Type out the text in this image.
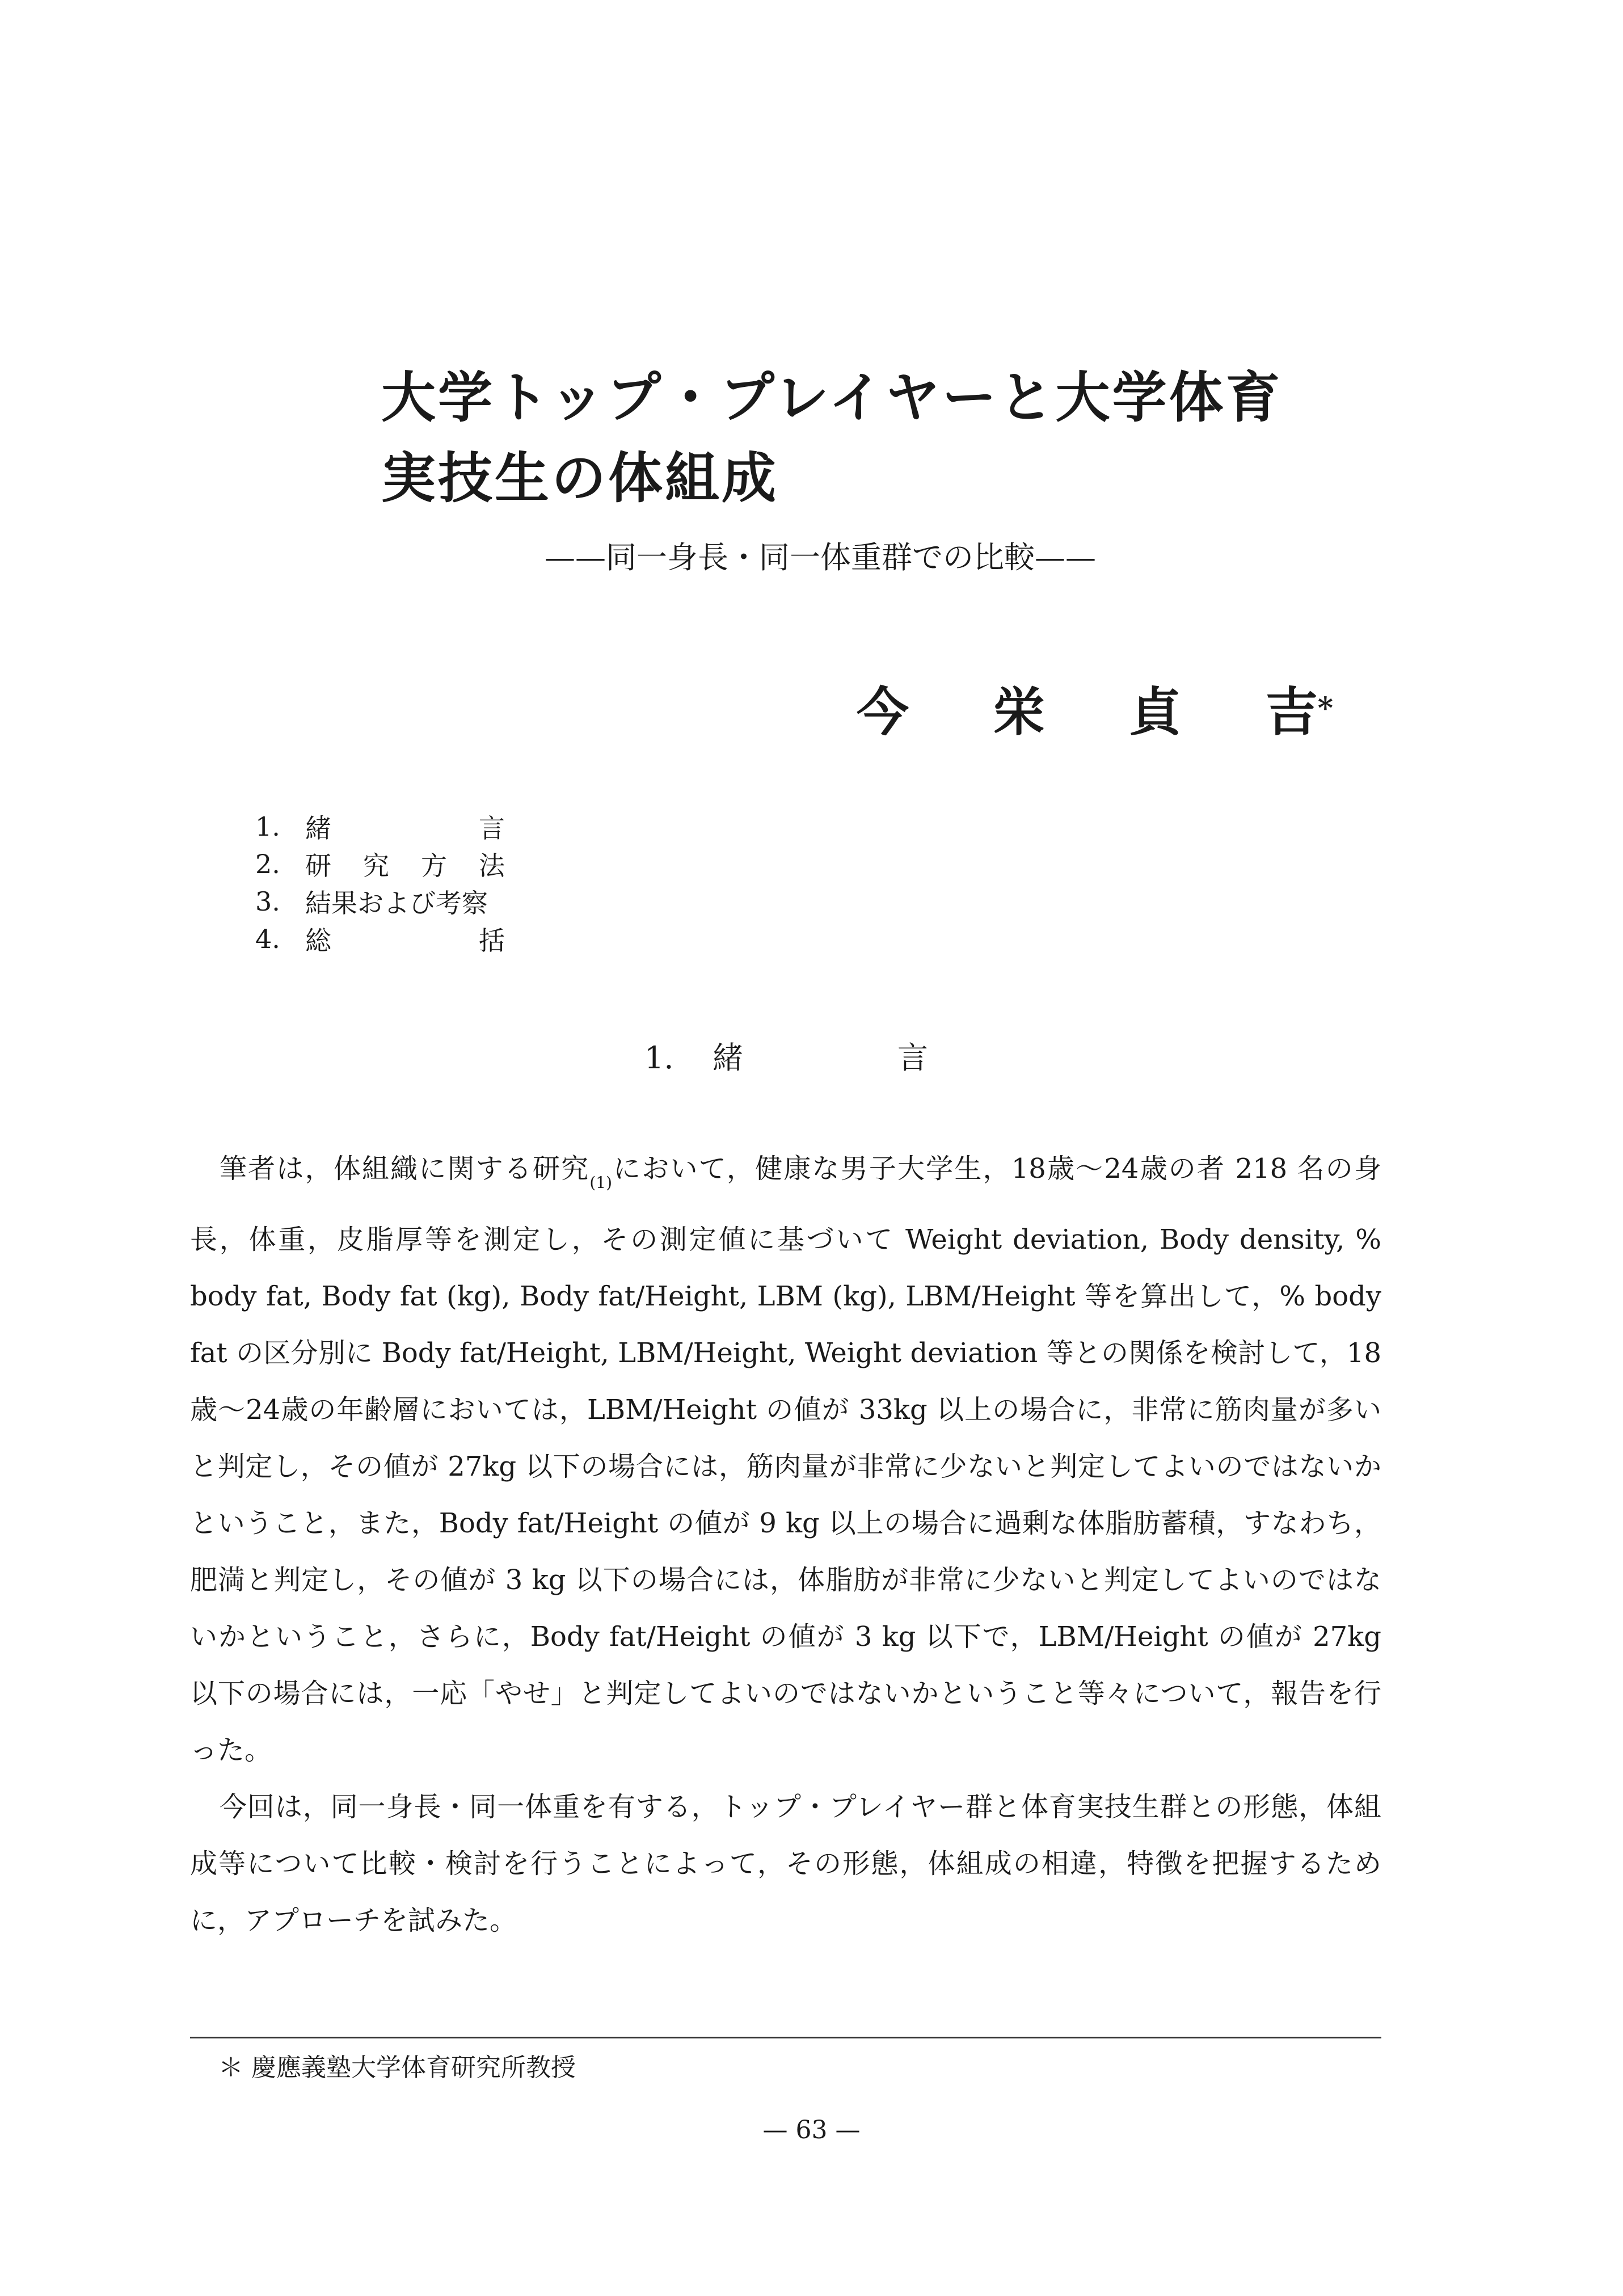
大学トップ・プレイヤーと大学体育
実技生の体組成
——同一身長・同一体重群での比較——
今 栄 貞 吉*
1. 緒	言
2. 研 究 方 法
3. 結果および考察
4. 総	括
1.	緒	言

筆者は，体組織に関する研究$_{(1)}$において，健康な男子大学生，18歳～24歳の者 218 名の身長，体重，皮脂厚等を測定し，その測定値に基づいて Weight deviation, Body density, % body fat, Body fat (kg), Body fat/Height, LBM (kg), LBM/Height 等を算出して，% body fat の区分別に Body fat/Height, LBM/Height, Weight deviation 等との関係を検討して，18歳～24歳の年齢層においては，LBM/Height の値が 33kg 以上の場合に，非常に筋肉量が多いと判定し，その値が 27kg 以下の場合には，筋肉量が非常に少ないと判定してよいのではないかということ，また，Body fat/Height の値が 9 kg 以上の場合に過剰な体脂肪蓄積，すなわち，肥満と判定し，その値が 3 kg 以下の場合には，体脂肪が非常に少ないと判定してよいのではないかということ，さらに，Body fat/Height の値が 3 kg 以下で，LBM/Height の値が 27kg 以下の場合には，一応「やせ」と判定してよいのではないかということ等々について，報告を行った。

今回は，同一身長・同一体重を有する，トップ・プレイヤー群と体育実技生群との形態，体組成等について比較・検討を行うことによって，その形態，体組成の相違，特徴を把握するために，アプローチを試みた。

＊ 慶應義塾大学体育研究所教授
— 63 —
